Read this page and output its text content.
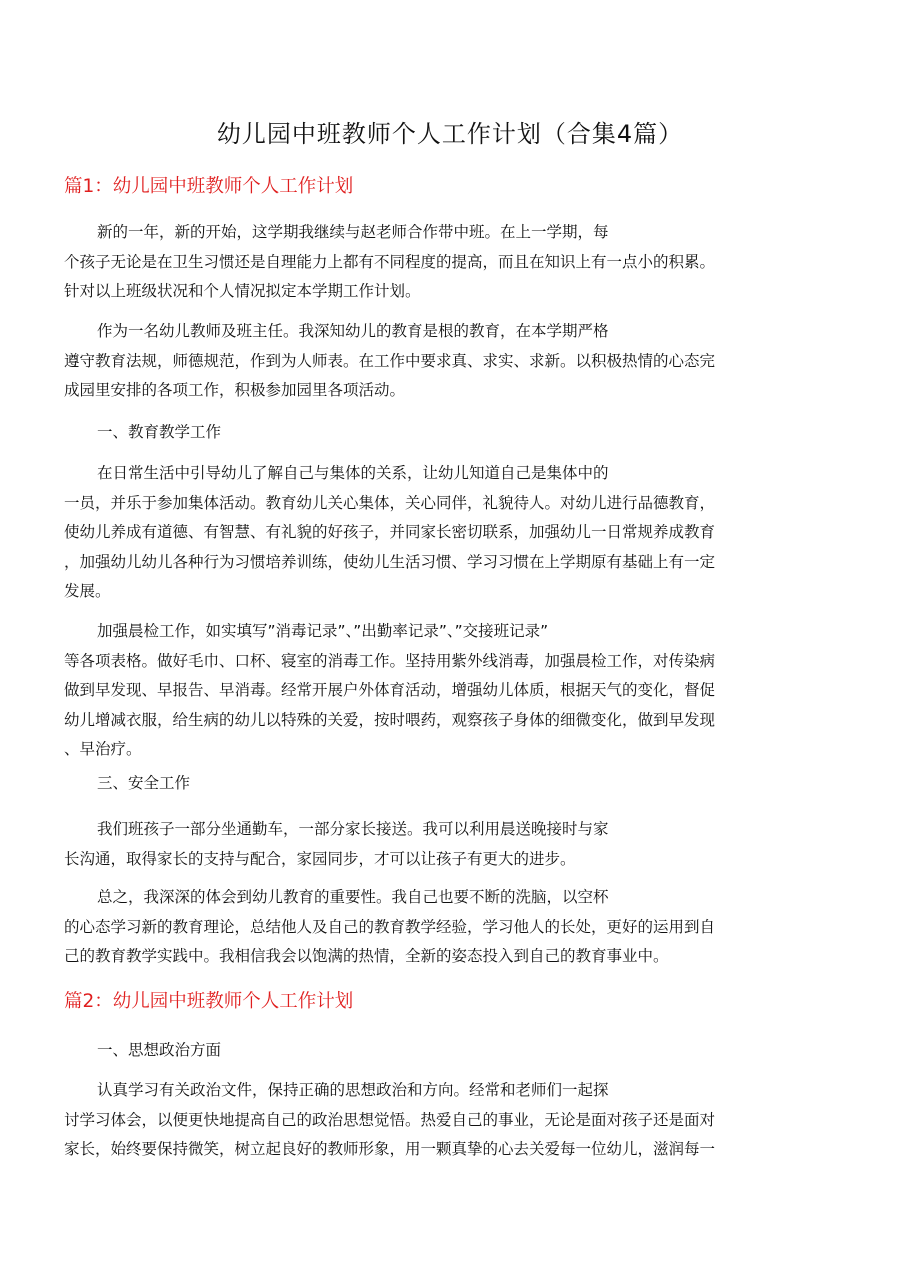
幼儿园中班教师个人工作计划（合集4篇）
篇1：幼儿园中班教师个人工作计划
新的一年，新的开始，这学期我继续与赵老师合作带中班。在上一学期，每
个孩子无论是在卫生习惯还是自理能力上都有不同程度的提高，而且在知识上有一点小的积累。
针对以上班级状况和个人情况拟定本学期工作计划。
作为一名幼儿教师及班主任。我深知幼儿的教育是根的教育，在本学期严格
遵守教育法规，师德规范，作到为人师表。在工作中要求真、求实、求新。以积极热情的心态完
成园里安排的各项工作，积极参加园里各项活动。
一、教育教学工作
在日常生活中引导幼儿了解自己与集体的关系，让幼儿知道自己是集体中的
一员，并乐于参加集体活动。教育幼儿关心集体，关心同伴，礼貌待人。对幼儿进行品德教育，
使幼儿养成有道德、有智慧、有礼貌的好孩子，并同家长密切联系，加强幼儿一日常规养成教育
，加强幼儿幼儿各种行为习惯培养训练，使幼儿生活习惯、学习习惯在上学期原有基础上有一定
发展。
加强晨检工作，如实填写”消毒记录”、”出勤率记录”、”交接班记录”
等各项表格。做好毛巾、口杯、寝室的消毒工作。坚持用紫外线消毒，加强晨检工作，对传染病
做到早发现、早报告、早消毒。经常开展户外体育活动，增强幼儿体质，根据天气的变化，督促
幼儿增减衣服，给生病的幼儿以特殊的关爱，按时喂药，观察孩子身体的细微变化，做到早发现
、早治疗。
三、安全工作
我们班孩子一部分坐通勤车，一部分家长接送。我可以利用晨送晚接时与家
长沟通，取得家长的支持与配合，家园同步，才可以让孩子有更大的进步。
总之，我深深的体会到幼儿教育的重要性。我自己也要不断的洗脑，以空杯
的心态学习新的教育理论，总结他人及自己的教育教学经验，学习他人的长处，更好的运用到自
己的教育教学实践中。我相信我会以饱满的热情，全新的姿态投入到自己的教育事业中。
篇2：幼儿园中班教师个人工作计划
一、思想政治方面
认真学习有关政治文件，保持正确的思想政治和方向。经常和老师们一起探
讨学习体会，以便更快地提高自己的政治思想觉悟。热爱自己的事业，无论是面对孩子还是面对
家长，始终要保持微笑，树立起良好的教师形象，用一颗真挚的心去关爱每一位幼儿，滋润每一
